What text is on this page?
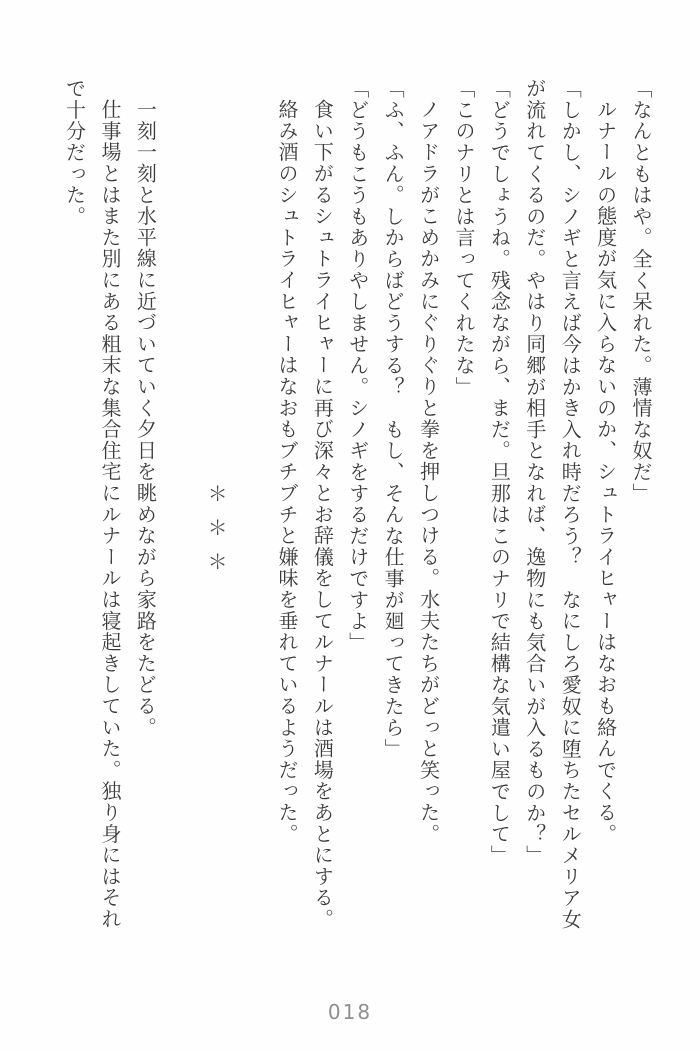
「なんともはや。全く呆れた。薄情な奴だ」
ルナールの態度が気に入らないのか、シュトライヒャーはなおも絡んでくる。
「しかし、シノギと言えば今はかき入れ時だろう？　なにしろ愛奴に堕ちたセルメリア女
が流れてくるのだ。やはり同郷が相手となれば、逸物にも気合いが入るものか？」
「どうでしょうね。残念ながら、まだ。旦那はこのナリで結構な気遣い屋でして」
「このナリとは言ってくれたな」
ノアドラがこめかみにぐりぐりと拳を押しつける。水夫たちがどっと笑った。
「ふ、ふん。しからばどうする？　もし、そんな仕事が廻ってきたら」
「どうもこうもありやしません。シノギをするだけですよ」
食い下がるシュトライヒャーに再び深々とお辞儀をしてルナールは酒場をあとにする。
絡み酒のシュトライヒャーはなおもブチブチと嫌味を垂れているようだった。
＊＊＊
一刻一刻と水平線に近づいていく夕日を眺めながら家路をたどる。
仕事場とはまた別にある粗末な集合住宅にルナールは寝起きしていた。独り身にはそれ
で十分だった。
018
